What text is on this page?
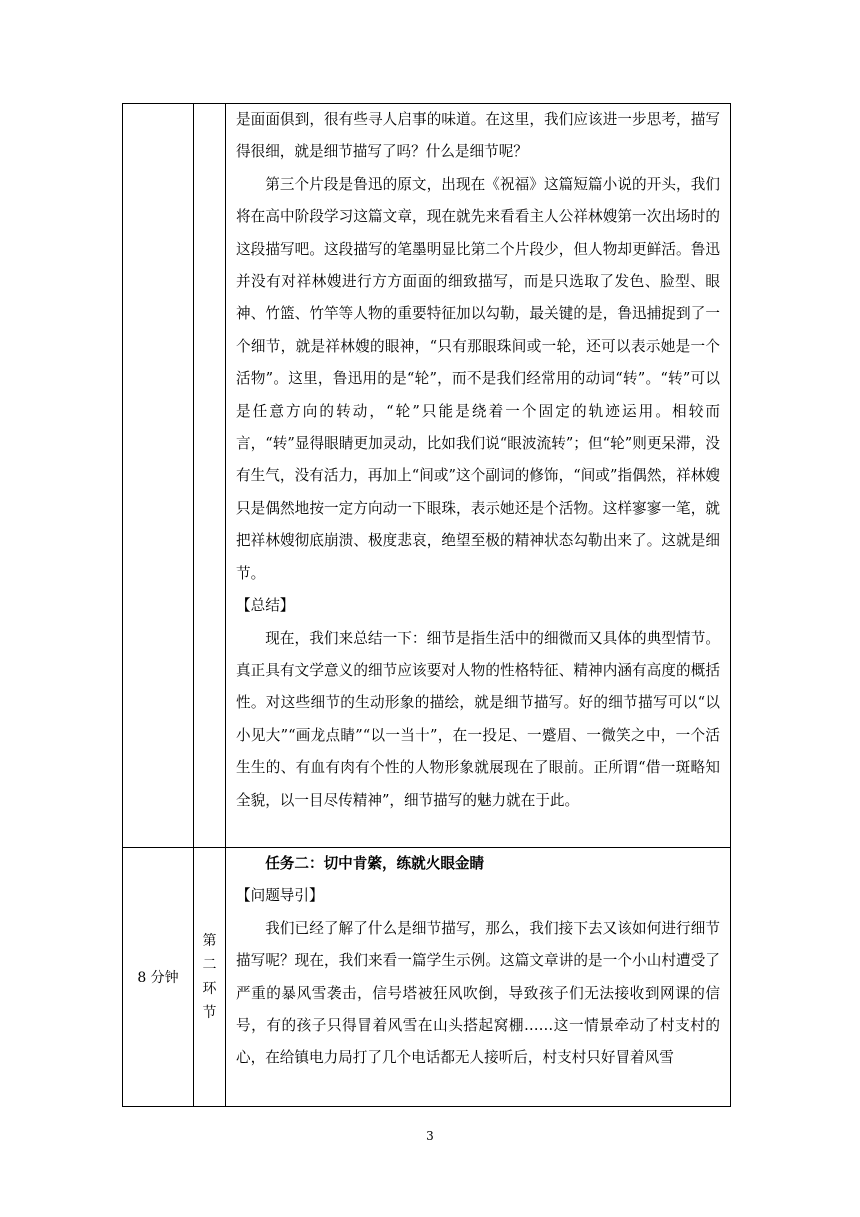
		是面面俱到，很有些寻人启事的味道。在这里，我们应该进一步思考，描写得很细，就是细节描写了吗？什么是细节呢？

第三个片段是鲁迅的原文，出现在《祝福》这篇短篇小说的开头，我们将在高中阶段学习这篇文章，现在就先来看看主人公祥林嫂第一次出场时的这段描写吧。这段描写的笔墨明显比第二个片段少，但人物却更鲜活。鲁迅并没有对祥林嫂进行方方面面的细致描写，而是只选取了发色、脸型、眼神、竹篮、竹竿等人物的重要特征加以勾勒，最关键的是，鲁迅捕捉到了一个细节，就是祥林嫂的眼神，“只有那眼珠间或一轮，还可以表示她是一个活物”。这里，鲁迅用的是“轮”，而不是我们经常用的动词“转”。“转”可以是任意方向的转动，“轮”只能是绕着一个固定的轨迹运用。相较而言，“转”显得眼睛更加灵动，比如我们说“眼波流转”；但“轮”则更呆滞，没有生气，没有活力，再加上“间或”这个副词的修饰，“间或”指偶然，祥林嫂只是偶然地按一定方向动一下眼珠，表示她还是个活物。这样寥寥一笔，就把祥林嫂彻底崩溃、极度悲哀，绝望至极的精神状态勾勒出来了。这就是细节。

【总结】

现在，我们来总结一下：细节是指生活中的细微而又具体的典型情节。真正具有文学意义的细节应该要对人物的性格特征、精神内涵有高度的概括性。对这些细节的生动形象的描绘，就是细节描写。好的细节描写可以“以小见大”“画龙点睛”“以一当十”，在一投足、一蹙眉、一微笑之中，一个活生生的、有血有肉有个性的人物形象就展现在了眼前。正所谓“借一斑略知全貌，以一目尽传精神”，细节描写的魅力就在于此。

8 分钟	第二环节	任务二：切中肯綮，练就火眼金睛

【问题导引】

我们已经了解了什么是细节描写，那么，我们接下去又该如何进行细节描写呢？现在，我们来看一篇学生示例。这篇文章讲的是一个小山村遭受了严重的暴风雪袭击，信号塔被狂风吹倒，导致孩子们无法接收到网课的信号，有的孩子只得冒着风雪在山头搭起窝棚……这一情景牵动了村支村的心，在给镇电力局打了几个电话都无人接听后，村支村只好冒着风雪

3
